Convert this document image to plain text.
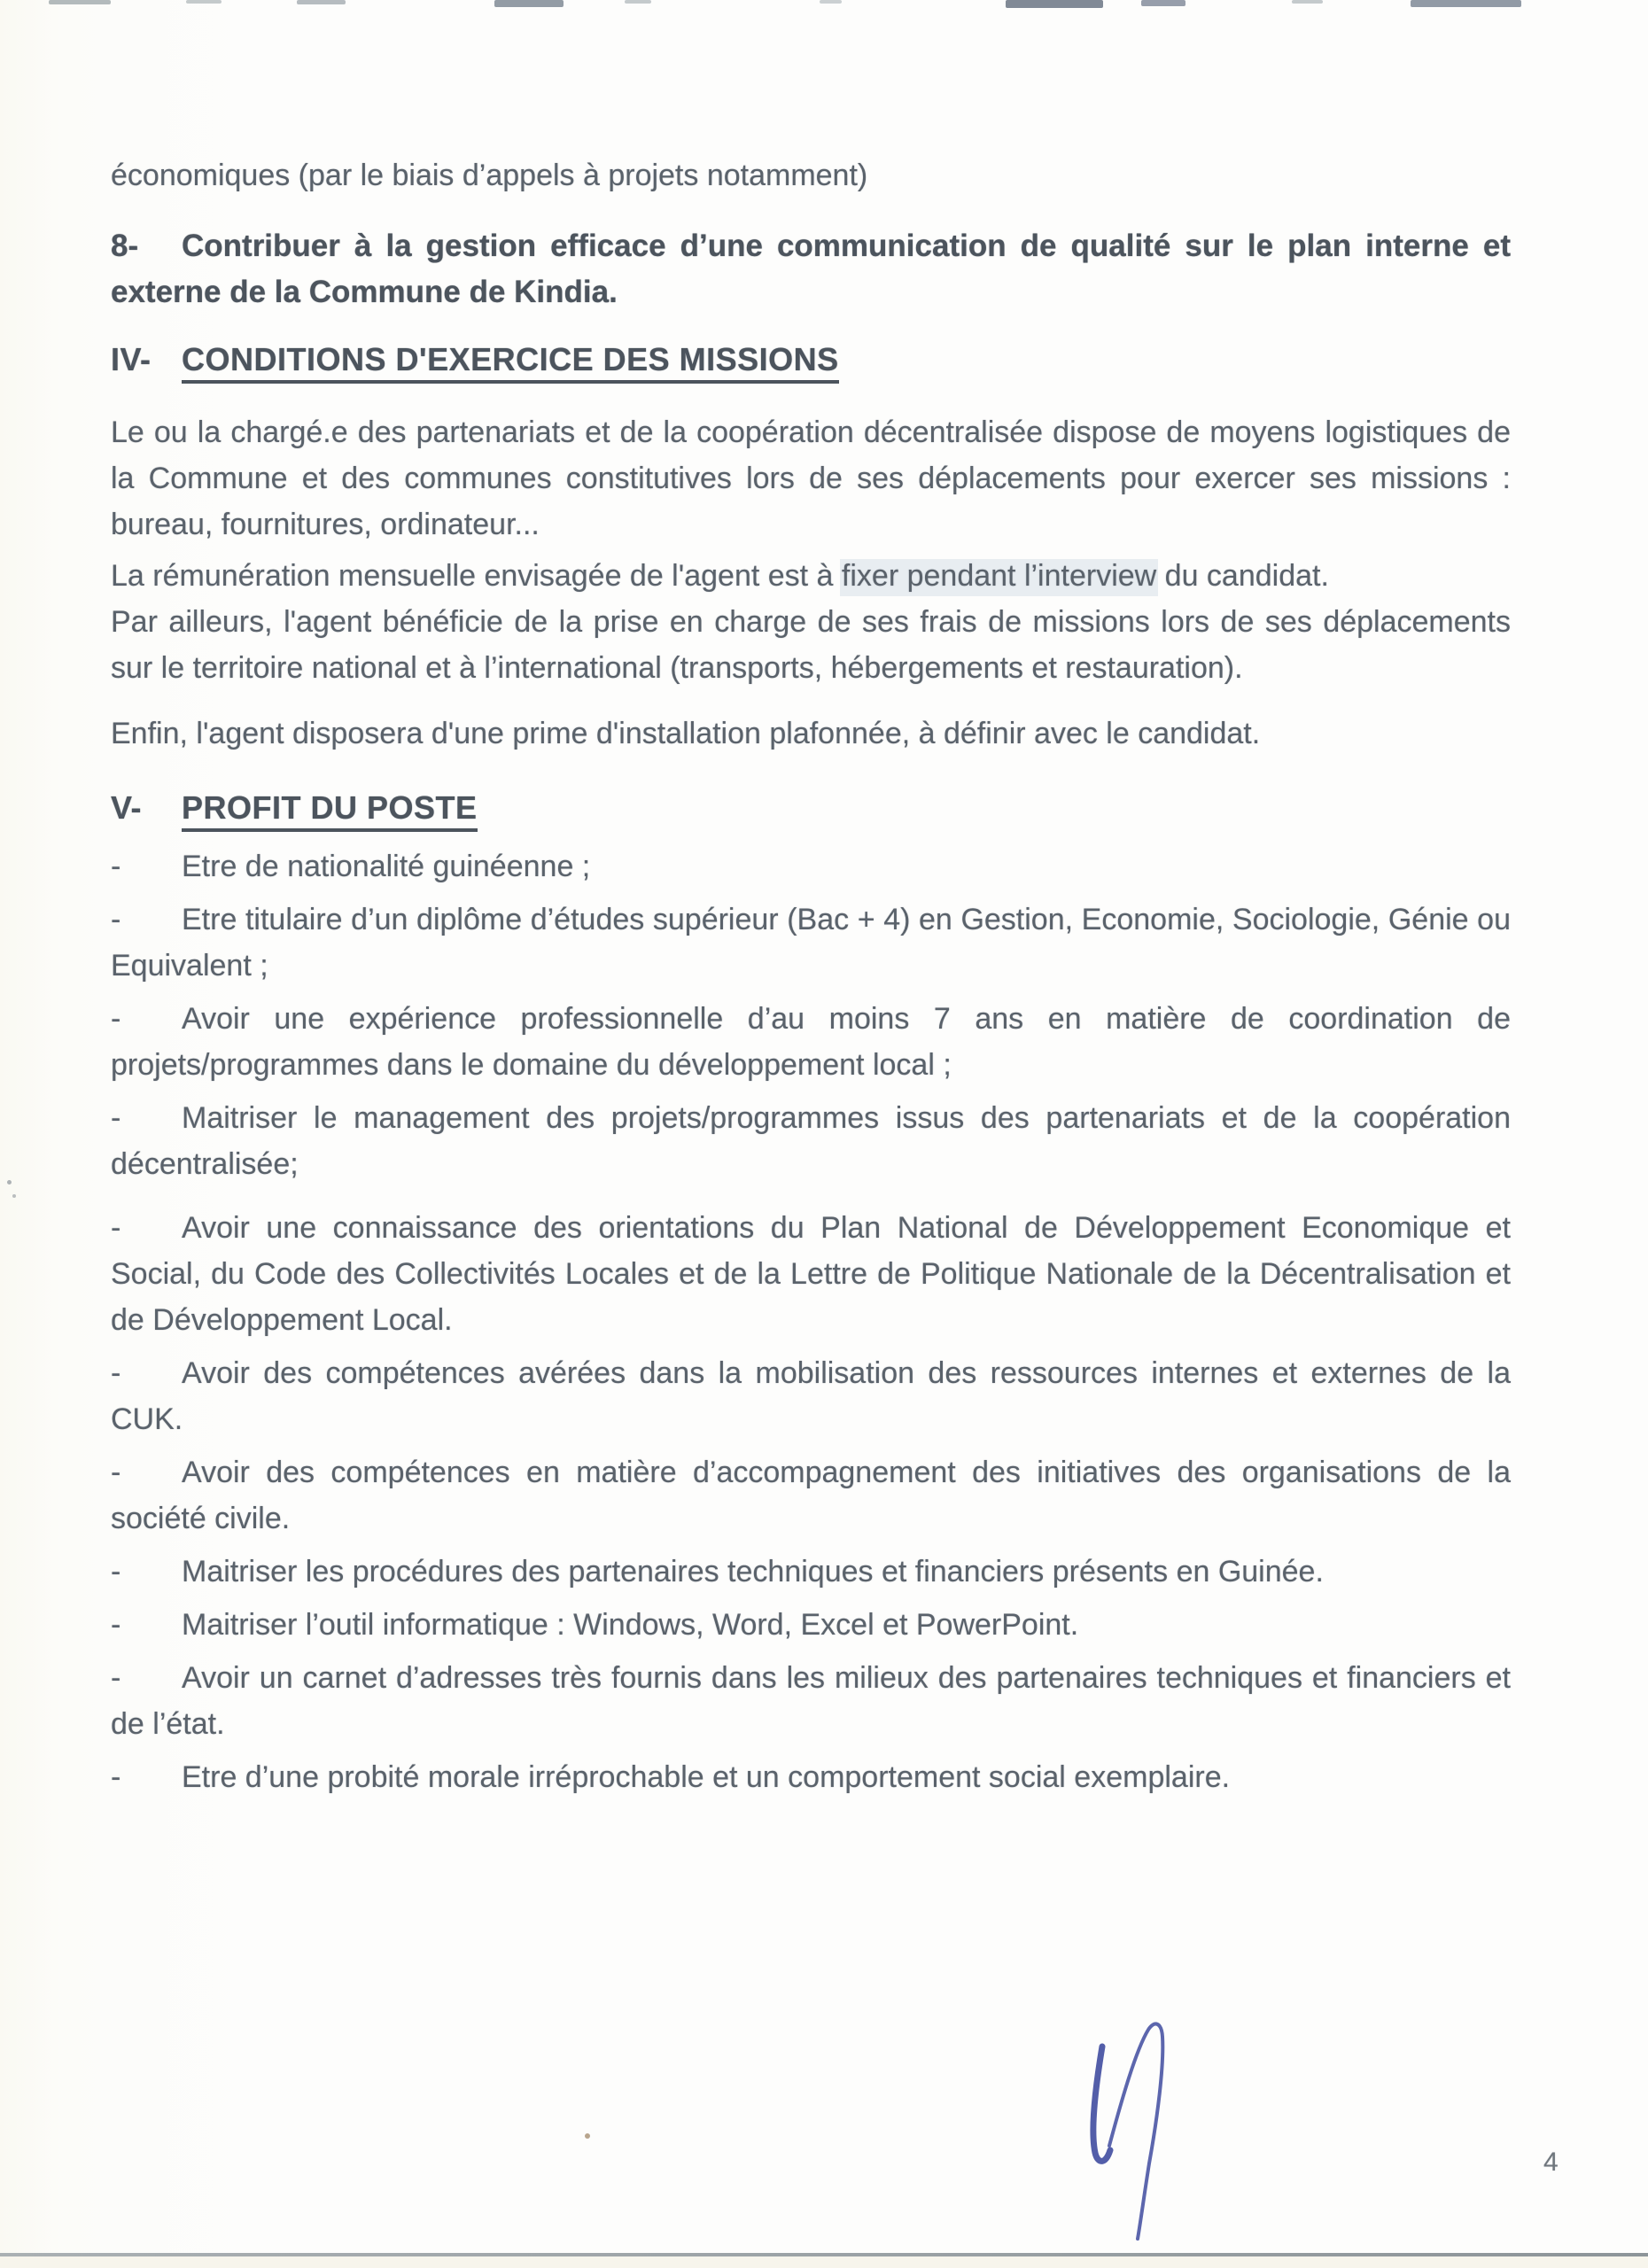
économiques (par le biais d’appels à projets notamment)

8- Contribuer à la gestion efficace d’une communication de qualité sur le plan interne et externe de la Commune de Kindia.

IV- CONDITIONS D'EXERCICE DES MISSIONS

Le ou la chargé.e des partenariats et de la coopération décentralisée dispose de moyens logistiques de la Commune et des communes constitutives lors de ses déplacements pour exercer ses missions : bureau, fournitures, ordinateur...

La rémunération mensuelle envisagée de l'agent est à fixer pendant l’interview du candidat.

Par ailleurs, l'agent bénéficie de la prise en charge de ses frais de missions lors de ses déplacements sur le territoire national et à l’international (transports, hébergements et restauration).

Enfin, l'agent disposera d'une prime d'installation plafonnée, à définir avec le candidat.

V- PROFIT DU POSTE

- Etre de nationalité guinéenne ;

- Etre titulaire d’un diplôme d’études supérieur (Bac + 4) en Gestion, Economie, Sociologie, Génie ou Equivalent ;

- Avoir une expérience professionnelle d’au moins 7 ans en matière de coordination de projets/programmes dans le domaine du développement local ;

- Maitriser le management des projets/programmes issus des partenariats et de la coopération décentralisée;

- Avoir une connaissance des orientations du Plan National de Développement Economique et Social, du Code des Collectivités Locales et de la Lettre de Politique Nationale de la Décentralisation et de Développement Local.

- Avoir des compétences avérées dans la mobilisation des ressources internes et externes de la CUK.

- Avoir des compétences en matière d’accompagnement des initiatives des organisations de la société civile.

- Maitriser les procédures des partenaires techniques et financiers présents en Guinée.

- Maitriser l’outil informatique : Windows, Word, Excel et PowerPoint.

- Avoir un carnet d’adresses très fournis dans les milieux des partenaires techniques et financiers et de l’état.

- Etre d’une probité morale irréprochable et un comportement social exemplaire.

4
